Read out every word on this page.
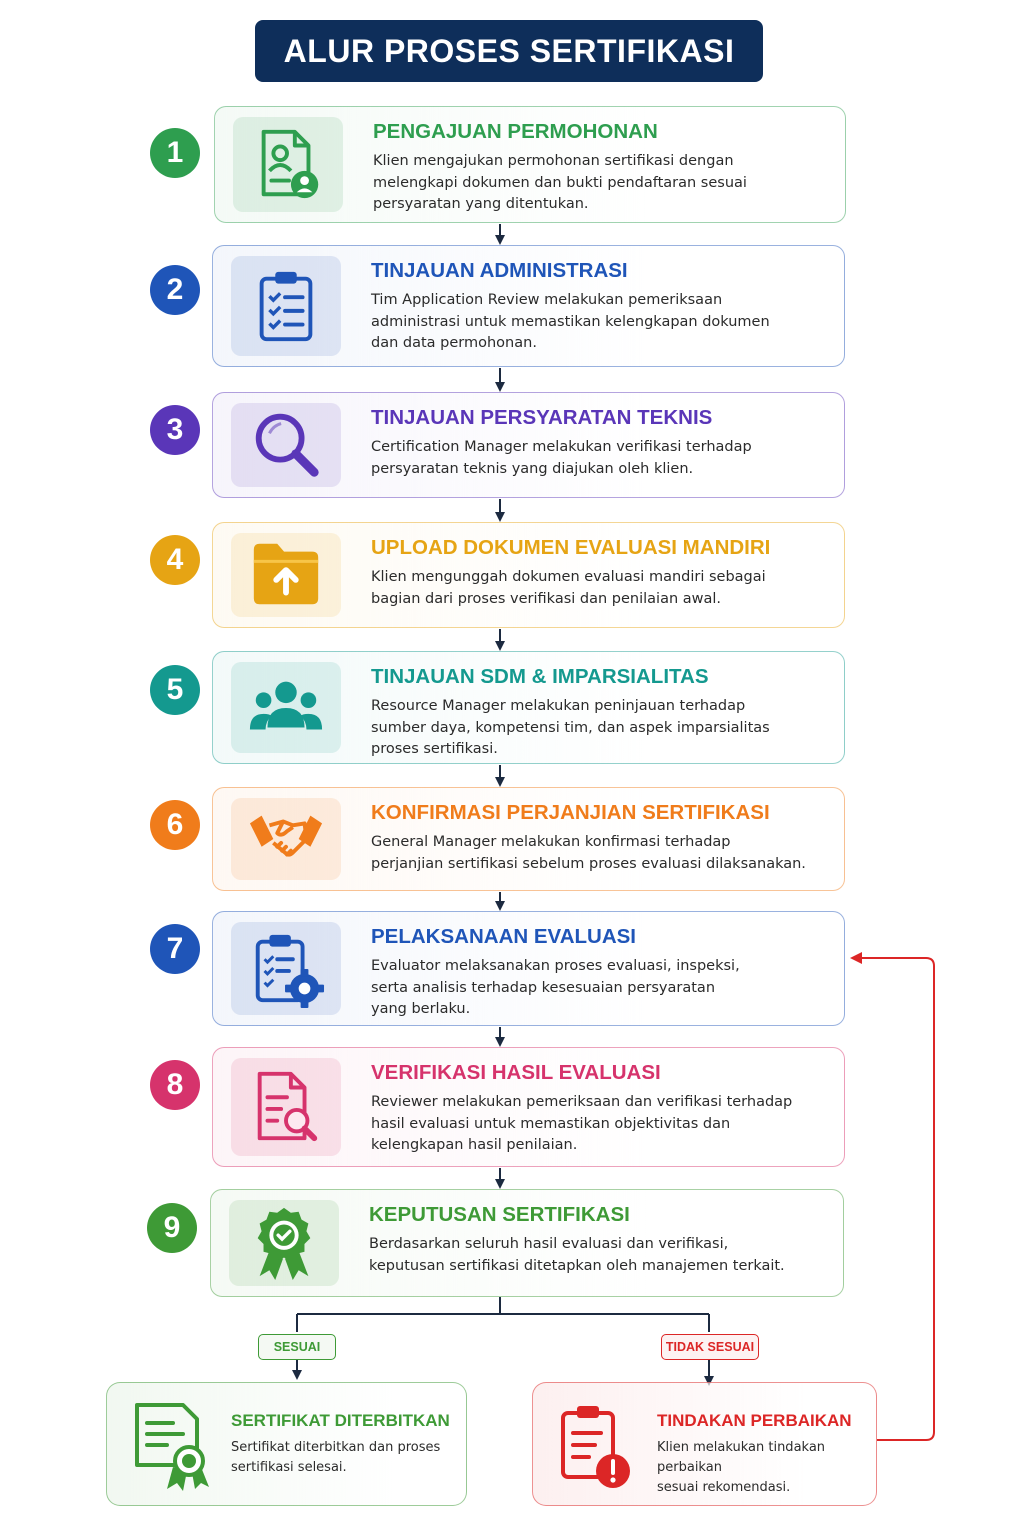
ALUR PROSES SERTIFIKASI
1

PENGAJUAN PERMOHONAN

Klien mengajukan permohonan sertifikasi dengan
melengkapi dokumen dan bukti pendaftaran sesuai
persyaratan yang ditentukan.

2

TINJAUAN ADMINISTRASI

Tim Application Review melakukan pemeriksaan
administrasi untuk memastikan kelengkapan dokumen
dan data permohonan.

3	TINJAUAN PERSYARATAN TEKNIS

Certification Manager melakukan verifikasi terhadap
persyaratan teknis yang diajukan oleh klien.

4	UPLOAD DOKUMEN EVALUASI MANDIRI

Klien mengunggah dokumen evaluasi mandiri sebagai
bagian dari proses verifikasi dan penilaian awal.

5	TINJAUAN SDM & IMPARSIALITAS

Resource Manager melakukan peninjauan terhadap
sumber daya, kompetensi tim, dan aspek imparsialitas
proses sertifikasi.

6	KONFIRMASI PERJANJIAN SERTIFIKASI

General Manager melakukan konfirmasi terhadap
perjanjian sertifikasi sebelum proses evaluasi dilaksanakan.

7	PELAKSANAAN EVALUASI

Evaluator melaksanakan proses evaluasi, inspeksi,
serta analisis terhadap kesesuaian persyaratan
yang berlaku.

8	VERIFIKASI HASIL EVALUASI

Reviewer melakukan pemeriksaan dan verifikasi terhadap
hasil evaluasi untuk memastikan objektivitas dan
kelengkapan hasil penilaian.

9	KEPUTUSAN SERTIFIKASI

Berdasarkan seluruh hasil evaluasi dan verifikasi,
keputusan sertifikasi ditetapkan oleh manajemen terkait.

SESUAI	TIDAK SESUAI

SERTIFIKAT DITERBITKAN

Sertifikat diterbitkan dan proses
sertifikasi selesai.

TINDAKAN PERBAIKAN

Klien melakukan tindakan perbaikan
sesuai rekomendasi.
